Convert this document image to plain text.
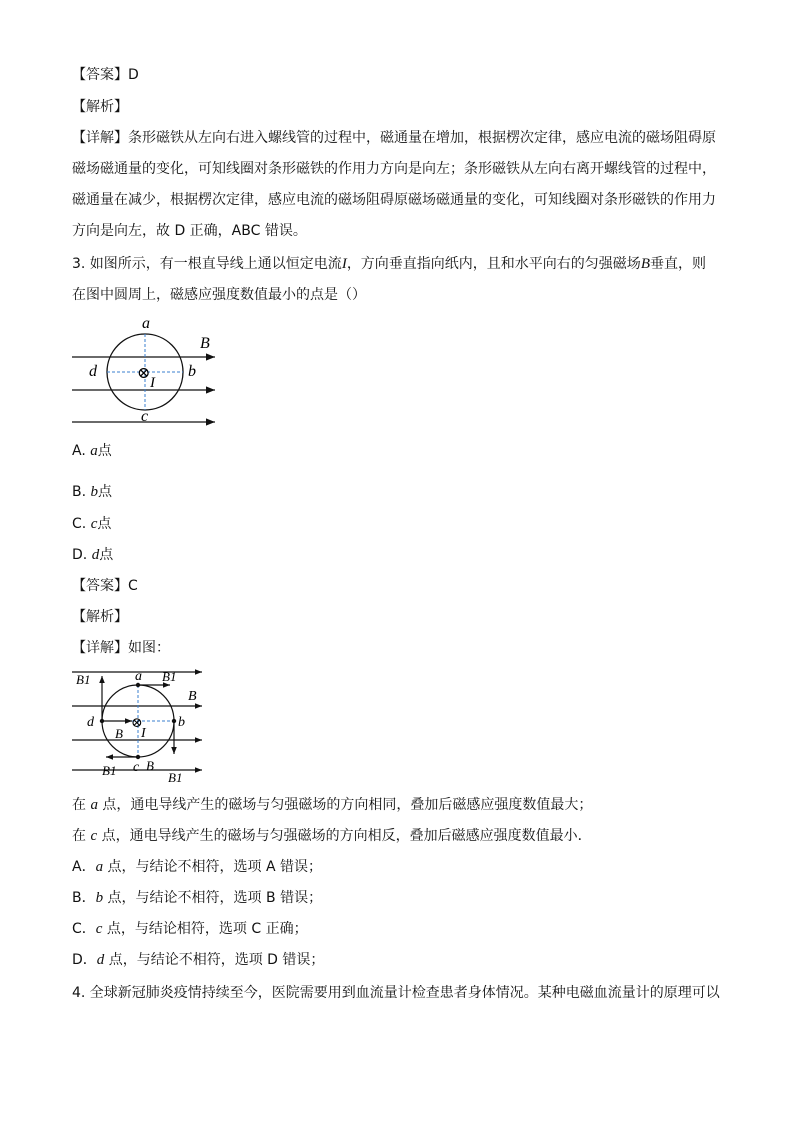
【答案】D
【解析】
【详解】条形磁铁从左向右进入螺线管的过程中，磁通量在增加，根据楞次定律，感应电流的磁场阻碍原
磁场磁通量的变化，可知线圈对条形磁铁的作用力方向是向左；条形磁铁从左向右离开螺线管的过程中，
磁通量在减少，根据楞次定律，感应电流的磁场阻碍原磁场磁通量的变化，可知线圈对条形磁铁的作用力
方向是向左，故 D 正确，ABC 错误。
3. 如图所示，有一根直导线上通以恒定电流I，方向垂直指向纸内，且和水平向右的匀强磁场B垂直，则
在图中圆周上，磁感应强度数值最小的点是（）
⊗
a
b
c
d
B
I
A. a点
B. b点
C. c点
D. d点
【答案】C
【解析】
【详解】如图：
⊗
a
b
c
d
I
B
B1	B1
B1
B1
B
B
在 a 点，通电导线产生的磁场与匀强磁场的方向相同，叠加后磁感应强度数值最大；
在 c 点，通电导线产生的磁场与匀强磁场的方向相反，叠加后磁感应强度数值最小．
A．a 点，与结论不相符，选项 A 错误；
B．b 点，与结论不相符，选项 B 错误；
C．c 点，与结论相符，选项 C 正确；
D．d 点，与结论不相符，选项 D 错误；
4. 全球新冠肺炎疫情持续至今，医院需要用到血流量计检查患者身体情况。某种电磁血流量计的原理可以
